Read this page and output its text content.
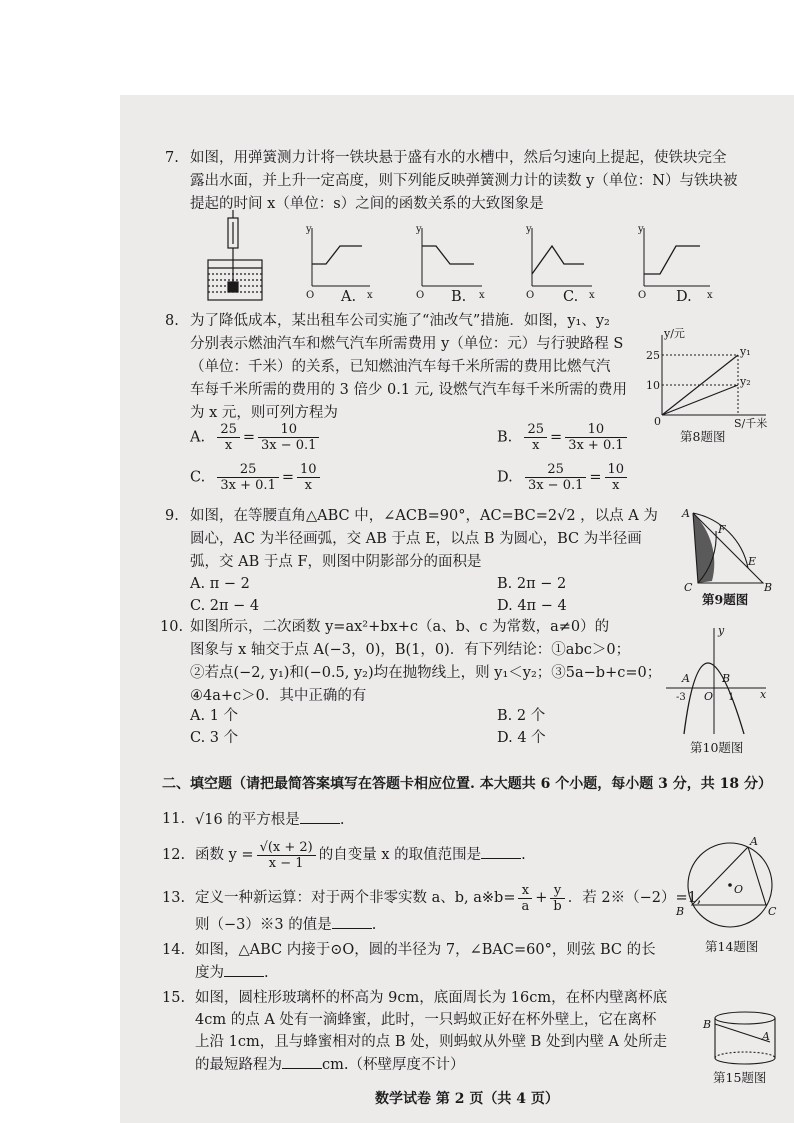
7. 如图，用弹簧测力计将一铁块悬于盛有水的水槽中，然后匀速向上提起，使铁块完全
露出水面，并上升一定高度，则下列能反映弹簧测力计的读数 y（单位：N）与铁块被
提起的时间 x（单位：s）之间的函数关系的大致图象是
y
O	x
y
O	x
y
O	x
y
O	x
A.	B.	C.	D.
8. 为了降低成本，某出租车公司实施了“油改气”措施．如图，y₁、y₂
分别表示燃油汽车和燃气汽车所需费用 y（单位：元）与行驶路程 S
（单位：千米）的关系，已知燃油汽车每千米所需的费用比燃气汽
车每千米所需的费用的 3 倍少 0.1 元, 设燃气汽车每千米所需的费用
为 x 元，则可列方程为
y/元
S/千米
25
10
0
y₁
y₂
第8题图
A. $\frac{25}{x} = \frac{10}{3x - 0.1}$	B. $\frac{25}{x} = \frac{10}{3x + 0.1}$
C. $\frac{25}{3x + 0.1} = \frac{10}{x}$	D. $\frac{25}{3x - 0.1} = \frac{10}{x}$
9. 如图，在等腰直角△ABC 中，∠ACB=90°，AC=BC=2√2 ，以点 A 为
圆心，AC 为半径画弧，交 AB 于点 E，以点 B 为圆心，BC 为半径画
弧，交 AB 于点 F，则图中阴影部分的面积是
A. π − 2	B. 2π − 2
C. 2π − 4	D. 4π − 4
A
F
E
C	B
第9题图
10. 如图所示，二次函数 y=ax²+bx+c（a、b、c 为常数，a≠0）的
图象与 x 轴交于点 A(−3，0)，B(1，0)．有下列结论：①abc＞0；
②若点(−2, y₁)和(−0.5, y₂)均在抛物线上，则 y₁＜y₂；③5a−b+c=0；
④4a+c＞0．其中正确的有
A. 1 个	B. 2 个
C. 3 个	D. 4 个
y
x
A	B
O
-3	1
第10题图
二、填空题（请把最简答案填写在答题卡相应位置. 本大题共 6 个小题，每小题 3 分，共 18 分）
11. √16 的平方根是	.
12. 函数 $y = \frac{√(x + 2)}{x - 1}$ 的自变量 x 的取值范围是	.
13. 定义一种新运算：对于两个非零实数 a、b, a※b= $\frac{x}{a} + \frac{y}{b}$ ．若 2※（−2）=1,
则（−3）※3 的值是	.
14. 如图，△ABC 内接于⊙O，圆的半径为 7，∠BAC=60°，则弦 BC 的长
度为	.
A
B	C
O
第14题图
15. 如图，圆柱形玻璃杯的杯高为 9cm，底面周长为 16cm，在杯内壁离杯底
4cm 的点 A 处有一滴蜂蜜，此时，一只蚂蚁正好在杯外壁上，它在离杯
上沿 1cm，且与蜂蜜相对的点 B 处，则蚂蚁从外壁 B 处到内壁 A 处所走
的最短路程为	cm.（杯壁厚度不计）
B
A
第15题图
数学试卷 第 2 页（共 4 页）
